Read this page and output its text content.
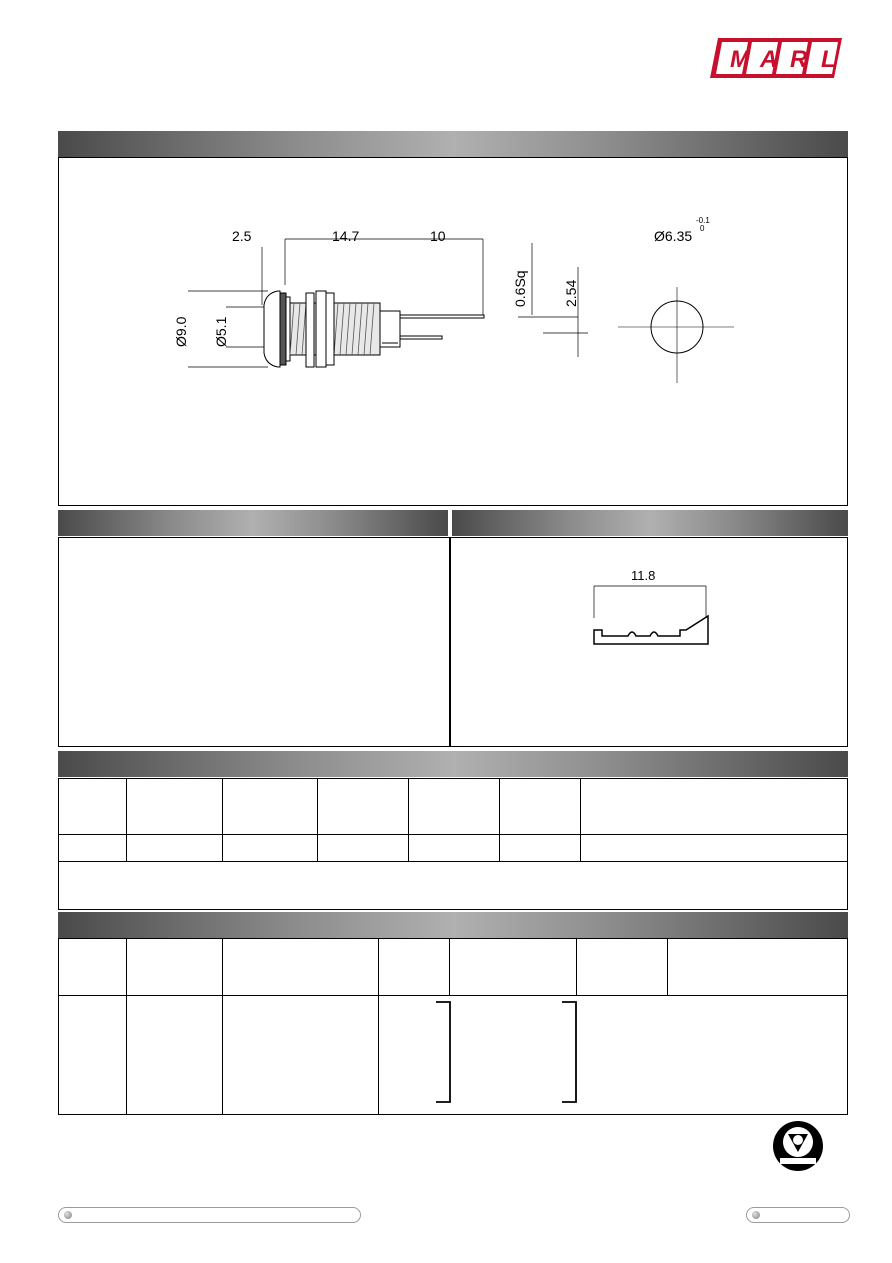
M A R L
2.5	14.7	10
0.6Sq	2.54
Ø9.0 Ø5.1
Ø6.35
-0.1
0
11.8
